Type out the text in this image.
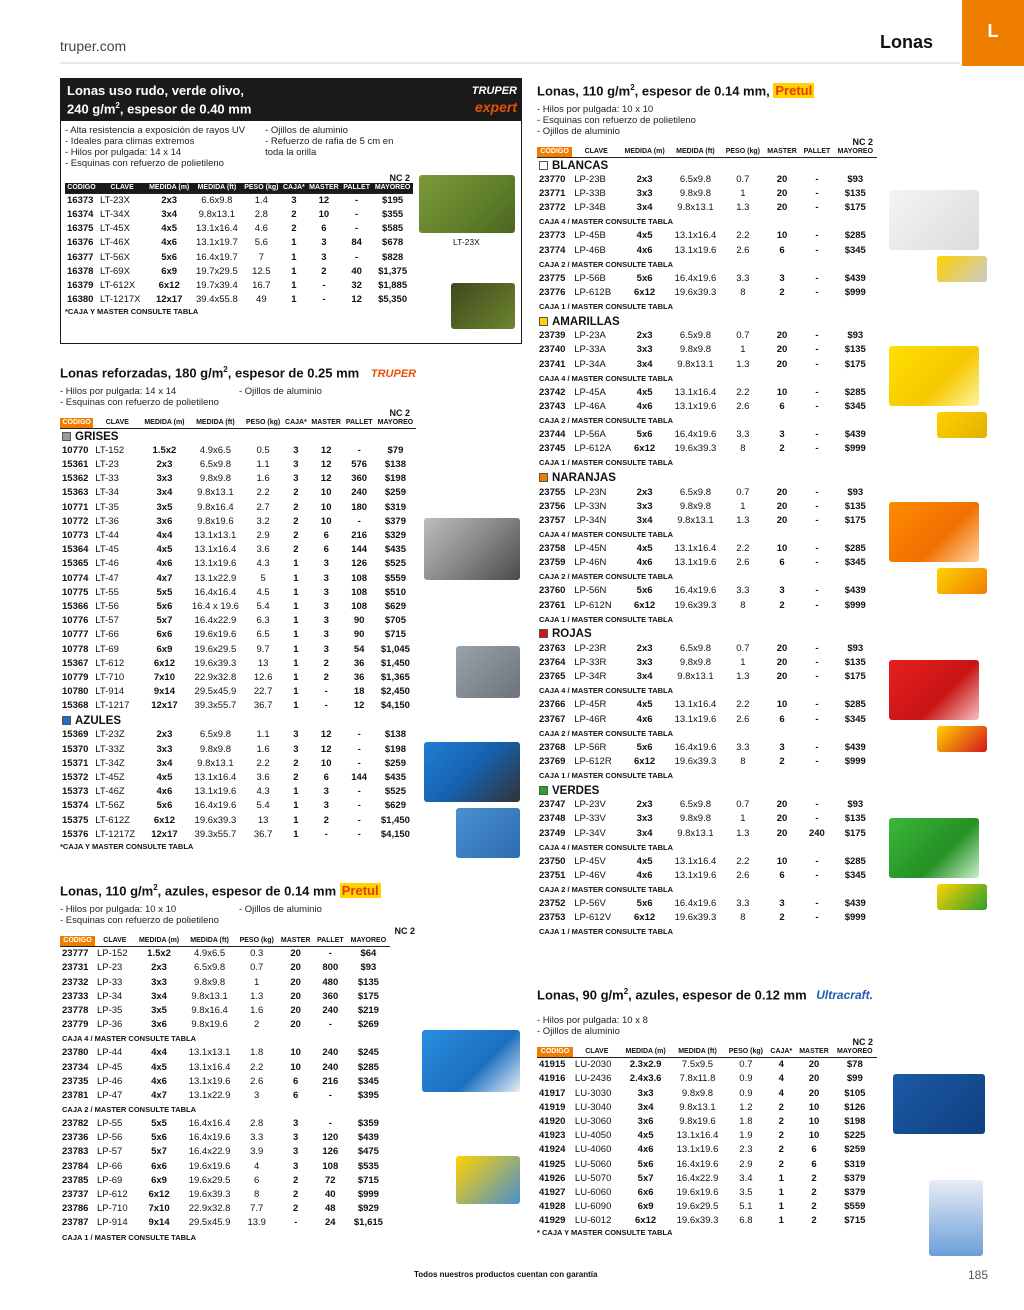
truper.com	Lonas
L
Lonas uso rudo, verde olivo,
240 $g/m^2$, espesor de 0.40 mm
TRUPER
expert
- Alta resistencia a exposición de rayos UV
- Ideales para climas extremos
- Hilos por pulgada: 14 x 14
- Esquinas con refuerzo de polietileno
- Ojillos de aluminio
- Refuerzo de rafia de 5 cm en
toda la orilla
NC 2
CÓDIGO	CLAVE	MEDIDA (m)	MEDIDA (ft)	PESO (kg)	CAJA*	MASTER	PALLET	MAYOREO
16373	LT-23X	2x3	6.6x9.8	1.4	3	12	-	$195
16374	LT-34X	3x4	9.8x13.1	2.8	2	10	-	$355
16375	LT-45X	4x5	13.1x16.4	4.6	2	6	-	$585
16376	LT-46X	4x6	13.1x19.7	5.6	1	3	84	$678
16377	LT-56X	5x6	16.4x19.7	7	1	3	-	$828
16378	LT-69X	6x9	19.7x29.5	12.5	1	2	40	$1,375
16379	LT-612X	6x12	19.7x39.4	16.7	1	-	32	$1,885
16380	LT-1217X	12x17	39.4x55.8	49	1	-	12	$5,350
*CAJA Y MASTER CONSULTE TABLA
LT-23X
Lonas reforzadas, 180 $g/m^2$, espesor de 0.25 mm TRUPER
- Hilos por pulgada: 14 x 14
- Esquinas con refuerzo de polietileno
- Ojillos de aluminio
NC 2
CÓDIGO	CLAVE	MEDIDA (m)	MEDIDA (ft)	PESO (kg)	CAJA*	MASTER	PALLET	MAYOREO
GRISES								
10770	LT-152	1.5x2	4.9x6.5	0.5	3	12	-	$79
15361	LT-23	2x3	6.5x9.8	1.1	3	12	576	$138
15362	LT-33	3x3	9.8x9.8	1.6	3	12	360	$198
15363	LT-34	3x4	9.8x13.1	2.2	2	10	240	$259
10771	LT-35	3x5	9.8x16.4	2.7	2	10	180	$319
10772	LT-36	3x6	9.8x19.6	3.2	2	10	-	$379
10773	LT-44	4x4	13.1x13.1	2.9	2	6	216	$329
15364	LT-45	4x5	13.1x16.4	3.6	2	6	144	$435
15365	LT-46	4x6	13.1x19.6	4.3	1	3	126	$525
10774	LT-47	4x7	13.1x22.9	5	1	3	108	$559
10775	LT-55	5x5	16.4x16.4	4.5	1	3	108	$510
15366	LT-56	5x6	16.4 x 19.6	5.4	1	3	108	$629
10776	LT-57	5x7	16.4x22.9	6.3	1	3	90	$705
10777	LT-66	6x6	19.6x19.6	6.5	1	3	90	$715
10778	LT-69	6x9	19.6x29.5	9.7	1	3	54	$1,045
15367	LT-612	6x12	19.6x39.3	13	1	2	36	$1,450
10779	LT-710	7x10	22.9x32.8	12.6	1	2	36	$1,365
10780	LT-914	9x14	29.5x45.9	22.7	1	-	18	$2,450
15368	LT-1217	12x17	39.3x55.7	36.7	1	-	12	$4,150
AZULES								
15369	LT-23Z	2x3	6.5x9.8	1.1	3	12	-	$138
15370	LT-33Z	3x3	9.8x9.8	1.6	3	12	-	$198
15371	LT-34Z	3x4	9.8x13.1	2.2	2	10	-	$259
15372	LT-45Z	4x5	13.1x16.4	3.6	2	6	144	$435
15373	LT-46Z	4x6	13.1x19.6	4.3	1	3	-	$525
15374	LT-56Z	5x6	16.4x19.6	5.4	1	3	-	$629
15375	LT-612Z	6x12	19.6x39.3	13	1	2	-	$1,450
15376	LT-1217Z	12x17	39.3x55.7	36.7	1	-	-	$4,150
*CAJA Y MASTER CONSULTE TABLA
Lonas, 110 $g/m^2$, azules, espesor de 0.14 mm Pretul
- Hilos por pulgada: 10 x 10
- Esquinas con refuerzo de polietileno
- Ojillos de aluminio
NC 2
CÓDIGO	CLAVE	MEDIDA (m)	MEDIDA (ft)	PESO (kg)	MASTER	PALLET	MAYOREO
23777	LP-152	1.5x2	4.9x6.5	0.3	20	-	$64
23731	LP-23	2x3	6.5x9.8	0.7	20	800	$93
23732	LP-33	3x3	9.8x9.8	1	20	480	$135
23733	LP-34	3x4	9.8x13.1	1.3	20	360	$175
23778	LP-35	3x5	9.8x16.4	1.6	20	240	$219
23779	LP-36	3x6	9.8x19.6	2	20	-	$269
CAJA 4 / MASTER CONSULTE TABLA							
23780	LP-44	4x4	13.1x13.1	1.8	10	240	$245
23734	LP-45	4x5	13.1x16.4	2.2	10	240	$285
23735	LP-46	4x6	13.1x19.6	2.6	6	216	$345
23781	LP-47	4x7	13.1x22.9	3	6	-	$395
CAJA 2 / MASTER CONSULTE TABLA							
23782	LP-55	5x5	16.4x16.4	2.8	3	-	$359
23736	LP-56	5x6	16.4x19.6	3.3	3	120	$439
23783	LP-57	5x7	16.4x22.9	3.9	3	126	$475
23784	LP-66	6x6	19.6x19.6	4	3	108	$535
23785	LP-69	6x9	19.6x29.5	6	2	72	$715
23737	LP-612	6x12	19.6x39.3	8	2	40	$999
23786	LP-710	7x10	22.9x32.8	7.7	2	48	$929
23787	LP-914	9x14	29.5x45.9	13.9	-	24	$1,615
CAJA 1 / MASTER CONSULTE TABLA							
Lonas, 110 $g/m^2$, espesor de 0.14 mm, Pretul
- Hilos por pulgada: 10 x 10
- Esquinas con refuerzo de polietileno
- Ojillos de aluminio
NC 2
CÓDIGO	CLAVE	MEDIDA (m)	MEDIDA (ft)	PESO (kg)	MASTER	PALLET	MAYOREO
BLANCAS							
23770	LP-23B	2x3	6.5x9.8	0.7	20	-	$93
23771	LP-33B	3x3	9.8x9.8	1	20	-	$135
23772	LP-34B	3x4	9.8x13.1	1.3	20	-	$175
CAJA 4 / MASTER CONSULTE TABLA							
23773	LP-45B	4x5	13.1x16.4	2.2	10	-	$285
23774	LP-46B	4x6	13.1x19.6	2.6	6	-	$345
CAJA 2 / MASTER CONSULTE TABLA							
23775	LP-56B	5x6	16.4x19.6	3.3	3	-	$439
23776	LP-612B	6x12	19.6x39.3	8	2	-	$999
CAJA 1 / MASTER CONSULTE TABLA							
AMARILLAS							
23739	LP-23A	2x3	6.5x9.8	0.7	20	-	$93
23740	LP-33A	3x3	9.8x9.8	1	20	-	$135
23741	LP-34A	3x4	9.8x13.1	1.3	20	-	$175
CAJA 4 / MASTER CONSULTE TABLA							
23742	LP-45A	4x5	13.1x16.4	2.2	10	-	$285
23743	LP-46A	4x6	13.1x19.6	2.6	6	-	$345
CAJA 2 / MASTER CONSULTE TABLA							
23744	LP-56A	5x6	16.4x19.6	3.3	3	-	$439
23745	LP-612A	6x12	19.6x39.3	8	2	-	$999
CAJA 1 / MASTER CONSULTE TABLA							
NARANJAS							
23755	LP-23N	2x3	6.5x9.8	0.7	20	-	$93
23756	LP-33N	3x3	9.8x9.8	1	20	-	$135
23757	LP-34N	3x4	9.8x13.1	1.3	20	-	$175
CAJA 4 / MASTER CONSULTE TABLA							
23758	LP-45N	4x5	13.1x16.4	2.2	10	-	$285
23759	LP-46N	4x6	13.1x19.6	2.6	6	-	$345
CAJA 2 / MASTER CONSULTE TABLA							
23760	LP-56N	5x6	16.4x19.6	3.3	3	-	$439
23761	LP-612N	6x12	19.6x39.3	8	2	-	$999
CAJA 1 / MASTER CONSULTE TABLA							
ROJAS							
23763	LP-23R	2x3	6.5x9.8	0.7	20	-	$93
23764	LP-33R	3x3	9.8x9.8	1	20	-	$135
23765	LP-34R	3x4	9.8x13.1	1.3	20	-	$175
CAJA 4 / MASTER CONSULTE TABLA							
23766	LP-45R	4x5	13.1x16.4	2.2	10	-	$285
23767	LP-46R	4x6	13.1x19.6	2.6	6	-	$345
CAJA 2 / MASTER CONSULTE TABLA							
23768	LP-56R	5x6	16.4x19.6	3.3	3	-	$439
23769	LP-612R	6x12	19.6x39.3	8	2	-	$999
CAJA 1 / MASTER CONSULTE TABLA							
VERDES							
23747	LP-23V	2x3	6.5x9.8	0.7	20	-	$93
23748	LP-33V	3x3	9.8x9.8	1	20	-	$135
23749	LP-34V	3x4	9.8x13.1	1.3	20	240	$175
CAJA 4 / MASTER CONSULTE TABLA							
23750	LP-45V	4x5	13.1x16.4	2.2	10	-	$285
23751	LP-46V	4x6	13.1x19.6	2.6	6	-	$345
CAJA 2 / MASTER CONSULTE TABLA							
23752	LP-56V	5x6	16.4x19.6	3.3	3	-	$439
23753	LP-612V	6x12	19.6x39.3	8	2	-	$999
CAJA 1 / MASTER CONSULTE TABLA							
Lonas, 90 $g/m^2$, azules, espesor de 0.12 mm Ultracraft.
- Hilos por pulgada: 10 x 8
- Ojillos de aluminio
NC 2
CÓDIGO	CLAVE	MEDIDA (m)	MEDIDA (ft)	PESO (kg)	CAJA*	MASTER	MAYOREO
41915	LU-2030	2.3x2.9	7.5x9.5	0.7	4	20	$78
41916	LU-2436	2.4x3.6	7.8x11.8	0.9	4	20	$99
41917	LU-3030	3x3	9.8x9.8	0.9	4	20	$105
41919	LU-3040	3x4	9.8x13.1	1.2	2	10	$126
41920	LU-3060	3x6	9.8x19.6	1.8	2	10	$198
41923	LU-4050	4x5	13.1x16.4	1.9	2	10	$225
41924	LU-4060	4x6	13.1x19.6	2.3	2	6	$259
41925	LU-5060	5x6	16.4x19.6	2.9	2	6	$319
41926	LU-5070	5x7	16.4x22.9	3.4	1	2	$379
41927	LU-6060	6x6	19.6x19.6	3.5	1	2	$379
41928	LU-6090	6x9	19.6x29.5	5.1	1	2	$559
41929	LU-6012	6x12	19.6x39.3	6.8	1	2	$715
* CAJA Y MASTER CONSULTE TABLA
Todos nuestros productos cuentan con garantía	185
